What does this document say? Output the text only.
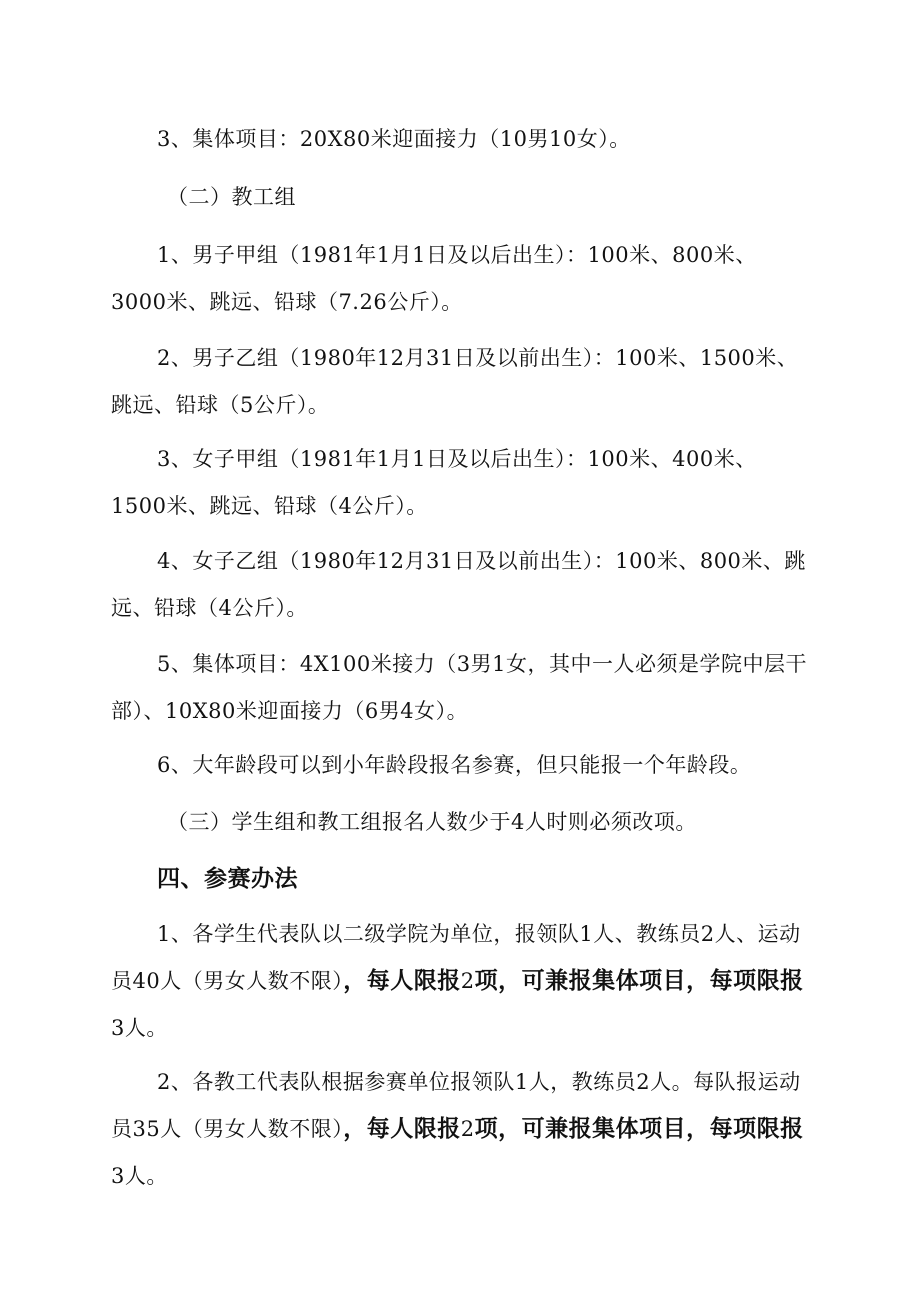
3、集体项目：20X80米迎面接力（10男10女）。

（二）教工组

1、男子甲组（1981年1月1日及以后出生）：100米、800米、3000米、跳远、铅球（7.26公斤）。

2、男子乙组（1980年12月31日及以前出生）：100米、1500米、跳远、铅球（5公斤）。

3、女子甲组（1981年1月1日及以后出生）：100米、400米、1500米、跳远、铅球（4公斤）。

4、女子乙组（1980年12月31日及以前出生）：100米、800米、跳远、铅球（4公斤）。

5、集体项目：4X100米接力（3男1女，其中一人必须是学院中层干部）、10X80米迎面接力（6男4女）。

6、大年龄段可以到小年龄段报名参赛，但只能报一个年龄段。

（三）学生组和教工组报名人数少于4人时则必须改项。

四、参赛办法

1、各学生代表队以二级学院为单位，报领队1人、教练员2人、运动员40人（男女人数不限），每人限报2项，可兼报集体项目，每项限报3人。

2、各教工代表队根据参赛单位报领队1人，教练员2人。每队报运动员35人（男女人数不限），每人限报2项，可兼报集体项目，每项限报3人。
